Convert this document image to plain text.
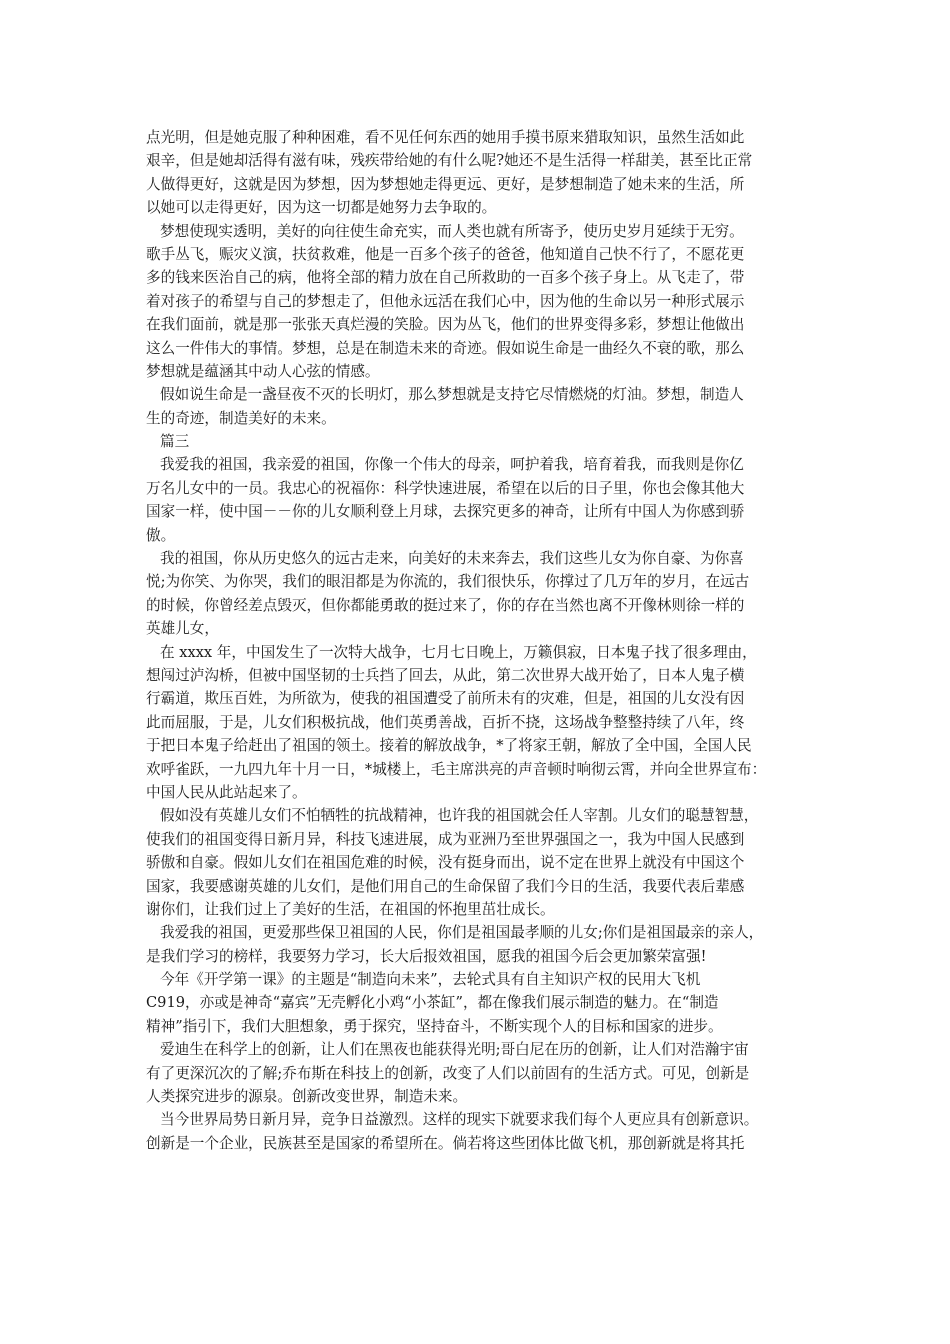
点光明，但是她克服了种种困难，看不见任何东西的她用手摸书原来猎取知识，虽然生活如此
艰辛，但是她却活得有滋有味，残疾带给她的有什么呢?她还不是生活得一样甜美，甚至比正常
人做得更好，这就是因为梦想，因为梦想她走得更远、更好，是梦想制造了她未来的生活，所
以她可以走得更好，因为这一切都是她努力去争取的。
梦想使现实透明，美好的向往使生命充实，而人类也就有所寄予，使历史岁月延续于无穷。
歌手丛飞，赈灾义演，扶贫救难，他是一百多个孩子的爸爸，他知道自己快不行了，不愿花更
多的钱来医治自己的病，他将全部的精力放在自己所救助的一百多个孩子身上。从飞走了，带
着对孩子的希望与自己的梦想走了，但他永远活在我们心中，因为他的生命以另一种形式展示
在我们面前，就是那一张张天真烂漫的笑脸。因为丛飞，他们的世界变得多彩，梦想让他做出
这么一件伟大的事情。梦想，总是在制造未来的奇迹。假如说生命是一曲经久不衰的歌，那么
梦想就是蕴涵其中动人心弦的情感。
假如说生命是一盏昼夜不灭的长明灯，那么梦想就是支持它尽情燃烧的灯油。梦想，制造人
生的奇迹，制造美好的未来。
篇三
我爱我的祖国，我亲爱的祖国，你像一个伟大的母亲，呵护着我，培育着我，而我则是你亿
万名儿女中的一员。我忠心的祝福你：科学快速进展，希望在以后的日子里，你也会像其他大
国家一样，使中国－－你的儿女顺利登上月球，去探究更多的神奇，让所有中国人为你感到骄
傲。
我的祖国，你从历史悠久的远古走来，向美好的未来奔去，我们这些儿女为你自豪、为你喜
悦;为你笑、为你哭，我们的眼泪都是为你流的，我们很快乐，你撑过了几万年的岁月，在远古
的时候，你曾经差点毁灭，但你都能勇敢的挺过来了，你的存在当然也离不开像林则徐一样的
英雄儿女，
在 xxxx 年，中国发生了一次特大战争，七月七日晚上，万籁俱寂，日本鬼子找了很多理由，
想闯过泸沟桥，但被中国坚韧的士兵挡了回去，从此，第二次世界大战开始了，日本人鬼子横
行霸道，欺压百姓，为所欲为，使我的祖国遭受了前所未有的灾难，但是，祖国的儿女没有因
此而屈服，于是，儿女们积极抗战，他们英勇善战，百折不挠，这场战争整整持续了八年，终
于把日本鬼子给赶出了祖国的领土。接着的解放战争，*了将家王朝，解放了全中国，全国人民
欢呼雀跃，一九四九年十月一日，*城楼上，毛主席洪亮的声音顿时响彻云霄，并向全世界宣布：
中国人民从此站起来了。
假如没有英雄儿女们不怕牺牲的抗战精神，也许我的祖国就会任人宰割。儿女们的聪慧智慧，
使我们的祖国变得日新月异，科技飞速进展，成为亚洲乃至世界强国之一，我为中国人民感到
骄傲和自豪。假如儿女们在祖国危难的时候，没有挺身而出，说不定在世界上就没有中国这个
国家，我要感谢英雄的儿女们，是他们用自己的生命保留了我们今日的生活，我要代表后辈感
谢你们，让我们过上了美好的生活，在祖国的怀抱里茁壮成长。
我爱我的祖国，更爱那些保卫祖国的人民，你们是祖国最孝顺的儿女;你们是祖国最亲的亲人，
是我们学习的榜样，我要努力学习，长大后报效祖国，愿我的祖国今后会更加繁荣富强!
今年《开学第一课》的主题是“制造向未来”，去轮式具有自主知识产权的民用大飞机
C919，亦或是神奇“嘉宾”无壳孵化小鸡“小茶缸”，都在像我们展示制造的魅力。在“制造
精神”指引下，我们大胆想象，勇于探究，坚持奋斗，不断实现个人的目标和国家的进步。
爱迪生在科学上的创新，让人们在黑夜也能获得光明;哥白尼在历的创新，让人们对浩瀚宇宙
有了更深沉次的了解;乔布斯在科技上的创新，改变了人们以前固有的生活方式。可见，创新是
人类探究进步的源泉。创新改变世界，制造未来。
当今世界局势日新月异，竞争日益激烈。这样的现实下就要求我们每个人更应具有创新意识。
创新是一个企业，民族甚至是国家的希望所在。倘若将这些团体比做飞机，那创新就是将其托
